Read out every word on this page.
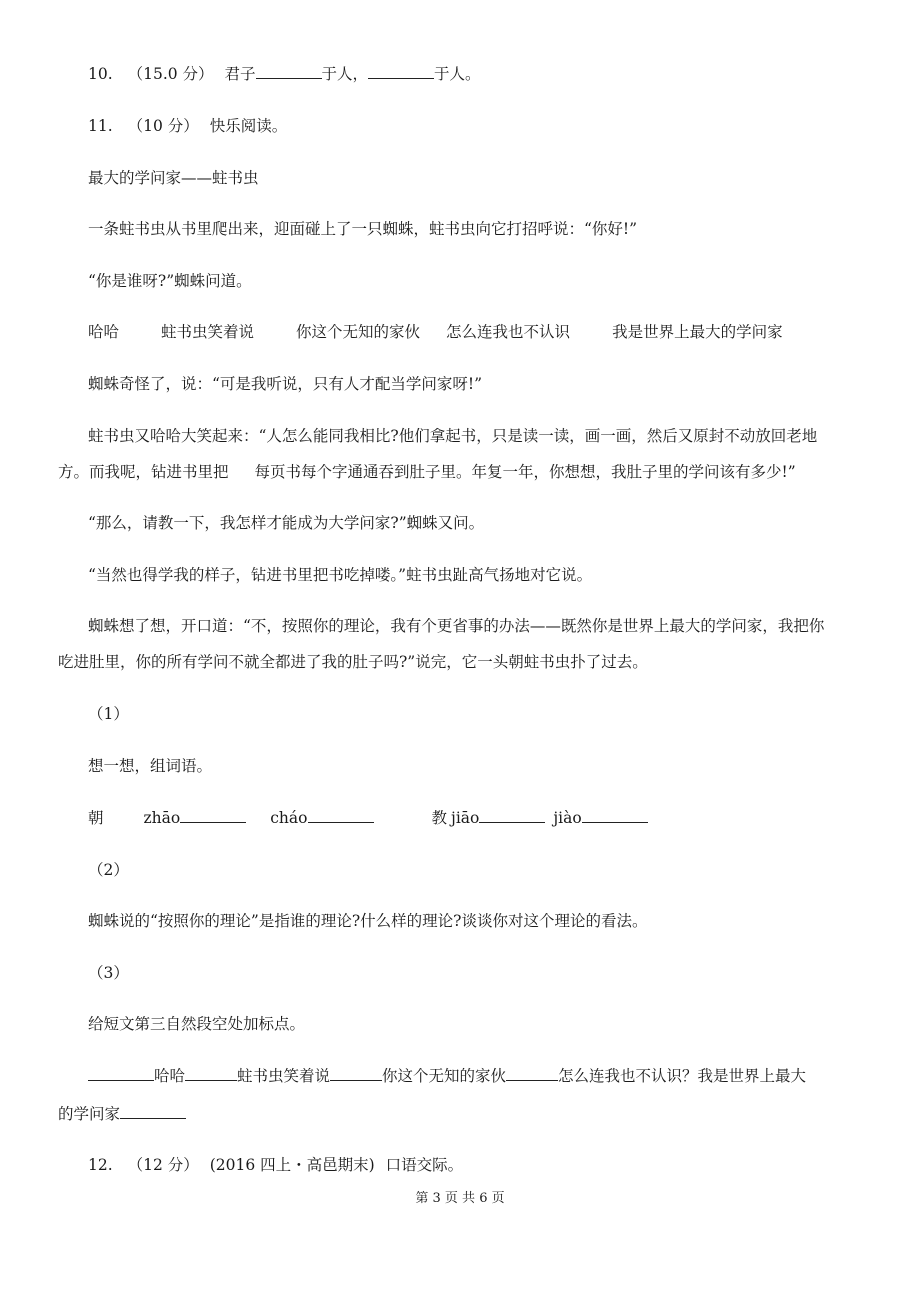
10. （15.0 分） 君子	于人，	于人。

11. （10 分） 快乐阅读。

最大的学问家——蛀书虫

一条蛀书虫从书里爬出来，迎面碰上了一只蜘蛛，蛀书虫向它打招呼说：“你好!”

“你是谁呀?”蜘蛛问道。

哈哈	蛀书虫笑着说	你这个无知的家伙 怎么连我也不认识	我是世界上最大的学问家

蜘蛛奇怪了，说：“可是我听说，只有人才配当学问家呀!”

蛀书虫又哈哈大笑起来：“人怎么能同我相比?他们拿起书，只是读一读，画一画，然后又原封不动放回老地

方。而我呢，钻进书里把 每页书每个字通通吞到肚子里。年复一年，你想想，我肚子里的学问该有多少!”

“那么，请教一下，我怎样才能成为大学问家?”蜘蛛又问。

“当然也得学我的样子，钻进书里把书吃掉喽。”蛀书虫趾高气扬地对它说。

蜘蛛想了想，开口道：“不，按照你的理论，我有个更省事的办法——既然你是世界上最大的学问家，我把你

吃进肚里，你的所有学问不就全都进了我的肚子吗?”说完，它一头朝蛀书虫扑了过去。

（1）

想一想，组词语。

朝	zhāo	cháo	教 jiāo	jiào

（2）

蜘蛛说的“按照你的理论”是指谁的理论?什么样的理论?谈谈你对这个理论的看法。

（3）

给短文第三自然段空处加标点。

哈哈	蛀书虫笑着说	你这个无知的家伙	怎么连我也不认识？我是世界上最大

的学问家

12. （12 分） (2016 四上・高邑期末) 口语交际。

第 3 页 共 6 页
